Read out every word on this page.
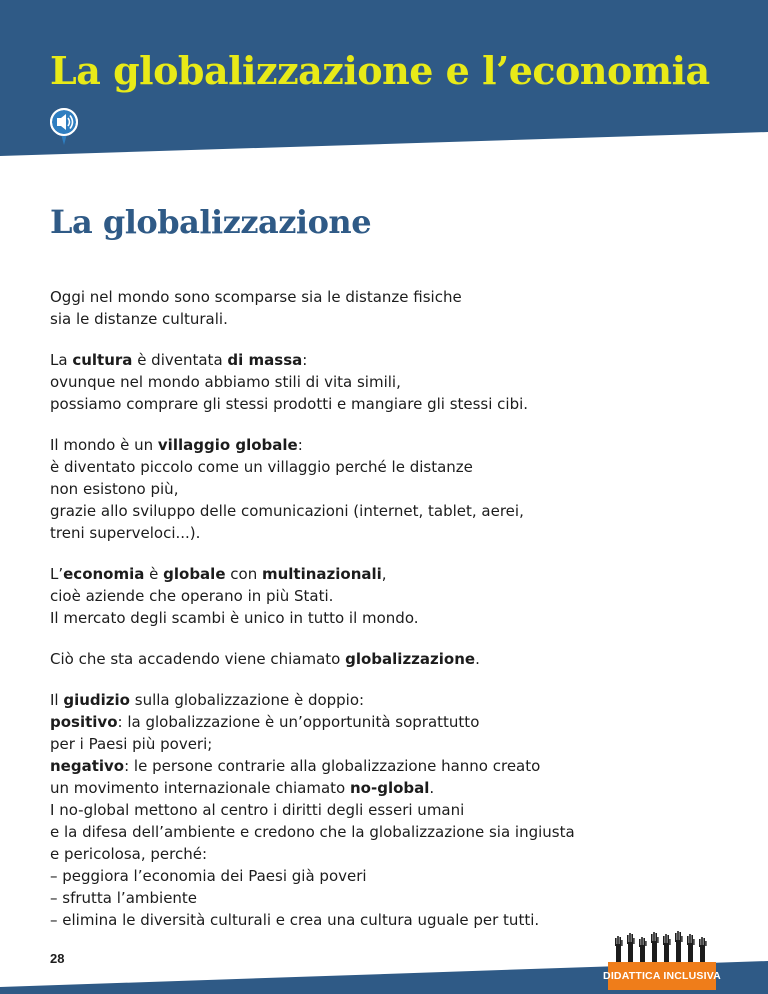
La globalizzazione e l’economia
La globalizzazione

Oggi nel mondo sono scomparse sia le distanze fisiche
sia le distanze culturali.

La cultura è diventata di massa:
ovunque nel mondo abbiamo stili di vita simili,
possiamo comprare gli stessi prodotti e mangiare gli stessi cibi.

Il mondo è un villaggio globale:
è diventato piccolo come un villaggio perché le distanze
non esistono più,
grazie allo sviluppo delle comunicazioni (internet, tablet, aerei,
treni superveloci...).

L’economia è globale con multinazionali,
cioè aziende che operano in più Stati.
Il mercato degli scambi è unico in tutto il mondo.

Ciò che sta accadendo viene chiamato globalizzazione.

Il giudizio sulla globalizzazione è doppio:
positivo: la globalizzazione è un’opportunità soprattutto
per i Paesi più poveri;
negativo: le persone contrarie alla globalizzazione hanno creato
un movimento internazionale chiamato no-global.
I no-global mettono al centro i diritti degli esseri umani
e la difesa dell’ambiente e credono che la globalizzazione sia ingiusta
e pericolosa, perché:
– peggiora l’economia dei Paesi già poveri
– sfrutta l’ambiente
– elimina le diversità culturali e crea una cultura uguale per tutti.

28
DIDATTICA INCLUSIVA
